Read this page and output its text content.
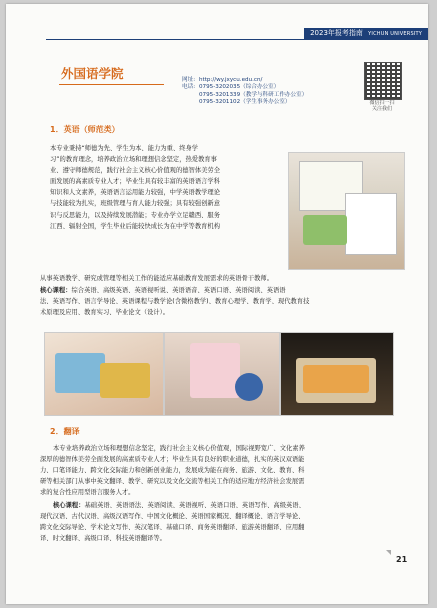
2023年报考指南 YICHUN UNIVERSITY
外国语学院	网址: http://wy.jxycu.edu.cn/
电话: 0795-3202035（综合办公室）
0795-3201339（教学与科研工作办公室）
0795-3201102（学生事务办公室）	微信扫一扫
关注我们
1．英语（师范类）
本专业秉持“师德为先、学生为本、能力为重、终身学
习”的教育理念，培养政治立场和理想信念坚定，热爱教育事
业、遵守师德规范，践行社会主义核心价值观的德智体美劳全
面发展的高素质专业人才；毕业生具有较丰富的英语语言学科
知识和人文素养，英语语言运用能力较强，中学英语教学理论
与技能较为扎实，班级管理与育人能力较强；具有较强创新意
识与反思能力，以及持续发展潜能；专业办学立足赣西、服务
江西、辐射全国，学生毕业后能较快成长为在中学等教育机构
从事英语教学、研究或管理等相关工作的能适应基础教育发展需求的英语骨干教师。
核心课程：综合英语、高级英语、英语视听说、英语语音、英语口语、英语阅读、英语语
法、英语写作、语言学导论、英语课程与教学论(含微格教学)、教育心理学、教育学、现代教育技
术原理及应用、教育实习、毕业论文（设计）。
2．翻译
本专业培养政治立场和理想信念坚定，践行社会主义核心价值观，国际视野宽广、文化素养
深厚的德智体美劳全面发展的高素质专业人才；毕业生具有良好的职业道德，扎实的英汉双语能
力、口笔译能力、跨文化交际能力和创新创业能力，发展成为能在商务、旅游、文化、教育、科
研等相关部门从事中英文翻译、教学、研究以及文化交流等相关工作的适应地方经济社会发展需
求的复合性应用型语言服务人才。
核心课程：基础英语、英语语法、英语阅读、英语视听、英语口语、英语写作、高级英语、
现代汉语、古代汉语、高级汉语写作、中国文化概论、英语国家概况、翻译概论、语言学导论、
跨文化交际导论、学术论文写作、英汉笔译、基础口译、商务英语翻译、旅游英语翻译、应用翻
译、时文翻译、高级口译、科技英语翻译等。
21
